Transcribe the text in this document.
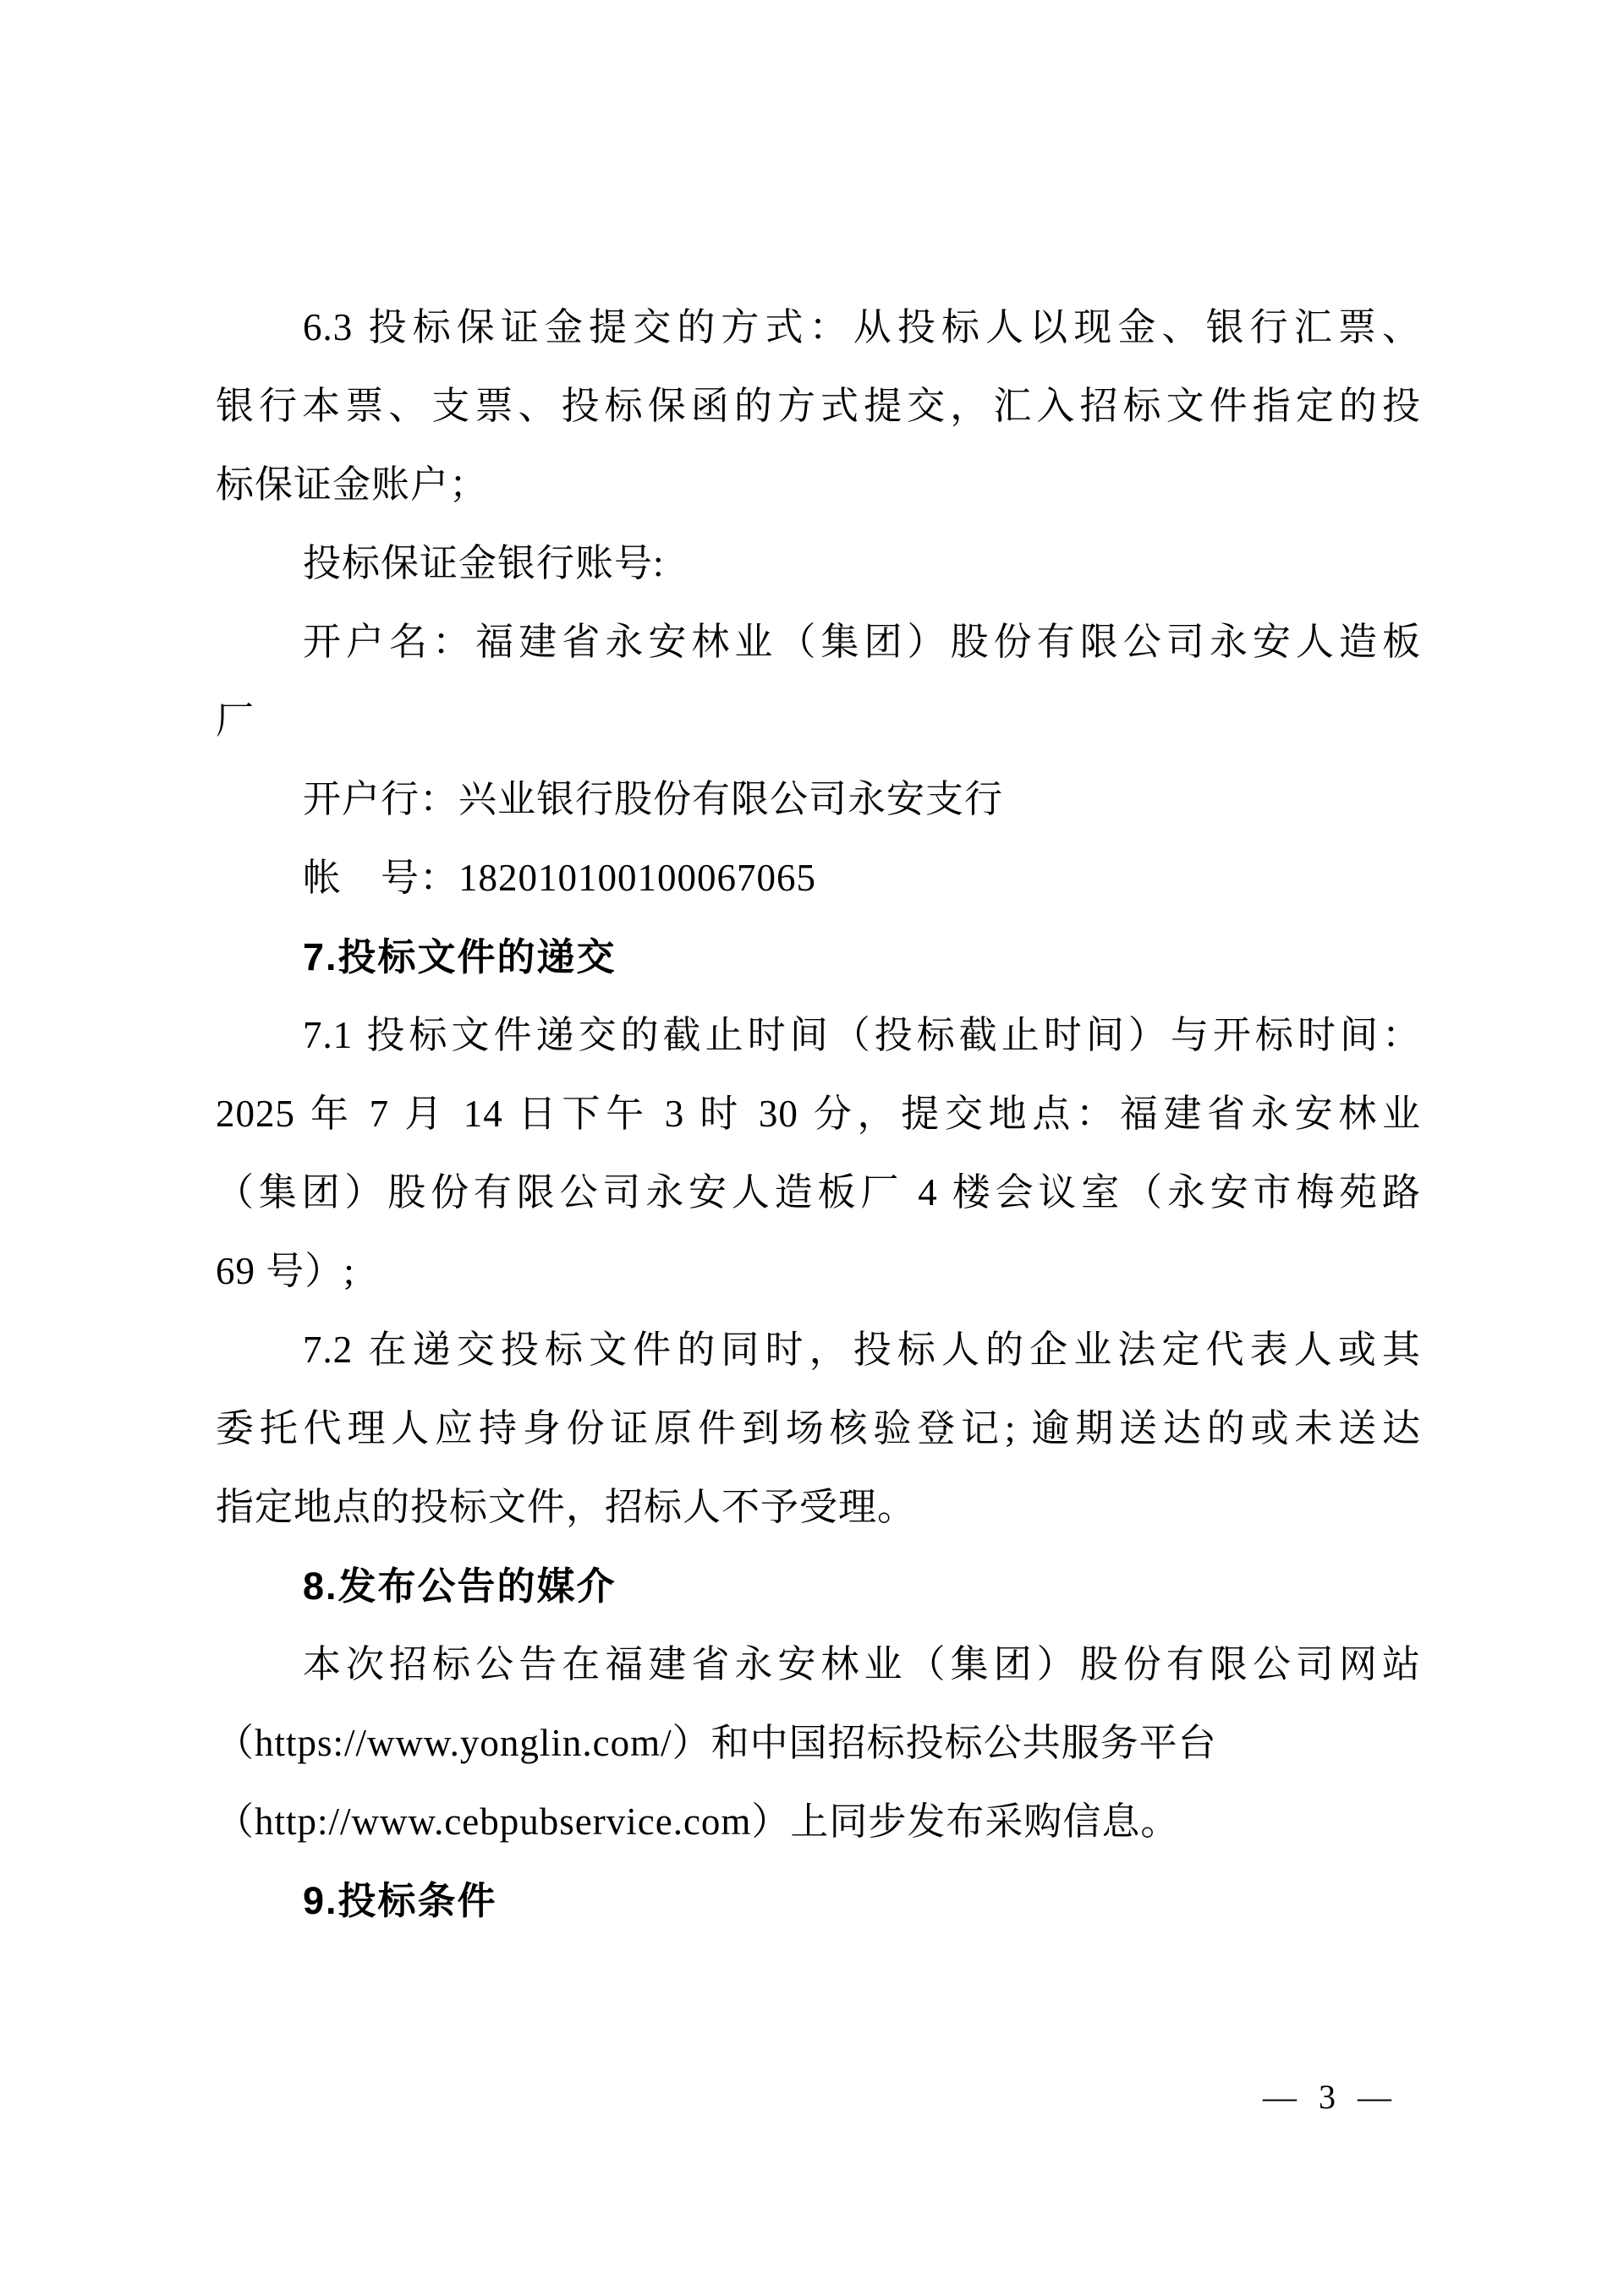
6.3 投标保证金提交的方式：从投标人以现金、银行汇票、
银行本票、支票、投标保函的方式提交，汇入招标文件指定的投
标保证金账户；
投标保证金银行账号:
开户名：福建省永安林业（集团）股份有限公司永安人造板
厂
开户行：兴业银行股份有限公司永安支行
帐　号：182010100100067065
7.投标文件的递交
7.1 投标文件递交的截止时间（投标截止时间）与开标时间：
2025 年 7 月 14 日下午 3 时 30 分，提交地点：福建省永安林业
（集团）股份有限公司永安人造板厂 4 楼会议室（永安市梅苑路
69 号）;
7.2 在递交投标文件的同时，投标人的企业法定代表人或其
委托代理人应持身份证原件到场核验登记; 逾期送达的或未送达
指定地点的投标文件，招标人不予受理。
8.发布公告的媒介
本次招标公告在福建省永安林业（集团）股份有限公司网站
（https://www.yonglin.com/）和中国招标投标公共服务平台
（http://www.cebpubservice.com）上同步发布采购信息。
9.投标条件
—  3  —
